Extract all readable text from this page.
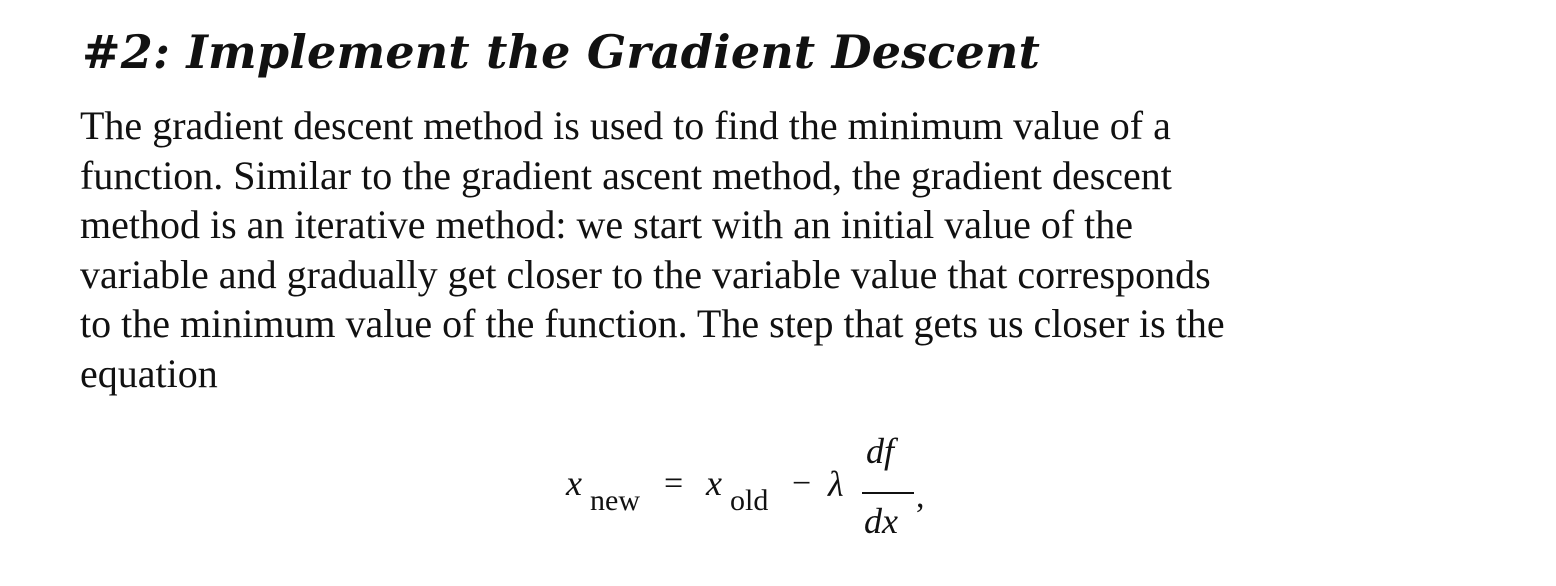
#2: Implement the Gradient Descent

The gradient descent method is used to find the minimum value of a
function. Similar to the gradient ascent method, the gradient descent
method is an iterative method: we start with an initial value of the
variable and gradually get closer to the variable value that corresponds
to the minimum value of the function. The step that gets us closer is the
equation

x new = x old − λ
df
dx
,
